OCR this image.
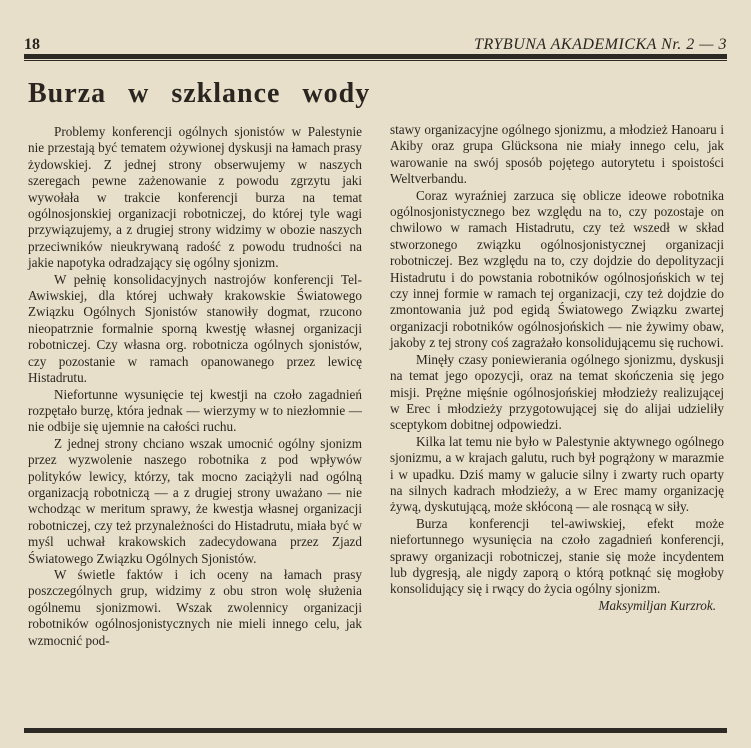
18	TRYBUNA AKADEMICKA Nr. 2 — 3
Burza w szklance wody

Problemy konferencji ogólnych sjonistów w Palestynie nie przestają być tematem ożywionej dyskusji na łamach prasy żydowskiej. Z jednej strony obserwujemy w naszych szeregach pewne zażenowanie z powodu zgrzytu jaki wywołała w trakcie konferencji burza na temat ogólnosjonskiej organizacji robotniczej, do której tyle wagi przywiązujemy, a z drugiej strony widzimy w obozie naszych przeciwników nieukrywaną radość z powodu trudności na jakie napotyka odradzający się ogólny sjonizm.

W pełnię konsolidacyjnych nastrojów konferencji Tel-Awiwskiej, dla której uchwały krakowskie Światowego Związku Ogólnych Sjonistów stanowiły dogmat, rzucono nieopatrznie formalnie sporną kwestję własnej organizacji robotniczej. Czy własna org. robotnicza ogólnych sjonistów, czy pozostanie w ramach opanowanego przez lewicę Histadrutu.

Niefortunne wysunięcie tej kwestji na czoło zagadnień rozpętało burzę, która jednak — wierzymy w to niezłomnie — nie odbije się ujemnie na całości ruchu.

Z jednej strony chciano wszak umocnić ogólny sjonizm przez wyzwolenie naszego robotnika z pod wpływów polityków lewicy, którzy, tak mocno zaciążyli nad ogólną organizacją robotniczą — a z drugiej strony uważano — nie wchodząc w meritum sprawy, że kwestja własnej organizacji robotniczej, czy też przynależności do Histadrutu, miała być w myśl uchwał krakowskich zadecydowana przez Zjazd Światowego Związku Ogólnych Sjonistów.

W świetle faktów i ich oceny na łamach prasy poszczególnych grup, widzimy z obu stron wolę służenia ogólnemu sjonizmowi. Wszak zwolennicy organizacji robotników ogólnosjonistycznych nie mieli innego celu, jak wzmocnić pod-

stawy organizacyjne ogólnego sjonizmu, a młodzież Hanoaru i Akiby oraz grupa Glücksona nie miały innego celu, jak warowanie na swój sposób pojętego autorytetu i spoistości Weltverbandu.

Coraz wyraźniej zarzuca się oblicze ideowe robotnika ogólnosjonistycznego bez względu na to, czy pozostaje on chwilowo w ramach Histadrutu, czy też wszedł w skład stworzonego związku ogólnosjonistycznej organizacji robotniczej. Bez względu na to, czy dojdzie do depolityzacji Histadrutu i do powstania robotników ogólnosjońskich w tej czy innej formie w ramach tej organizacji, czy też dojdzie do zmontowania już pod egidą Światowego Związku zwartej organizacji robotników ogólnosjońskich — nie żywimy obaw, jakoby z tej strony coś zagrażało konsolidującemu się ruchowi.

Minęły czasy poniewierania ogólnego sjonizmu, dyskusji na temat jego opozycji, oraz na temat skończenia się jego misji. Prężne mięśnie ogólnosjońskiej młodzieży realizującej w Erec i młodzieży przygotowującej się do alijai udzieliły sceptykom dobitnej odpowiedzi.

Kilka lat temu nie było w Palestynie aktywnego ogólnego sjonizmu, a w krajach galutu, ruch był pogrążony w marazmie i w upadku. Dziś mamy w galucie silny i zwarty ruch oparty na silnych kadrach młodzieży, a w Erec mamy organizację żywą, dyskutującą, może skłóconą — ale rosnącą w siły.

Burza konferencji tel-awiwskiej, efekt może niefortunnego wysunięcia na czoło zagadnień konferencji, sprawy organizacji robotniczej, stanie się może incydentem lub dygresją, ale nigdy zaporą o którą potknąć się mogłoby konsolidujący się i rwący do życia ogólny sjonizm.

Maksymiljan Kurzrok.
